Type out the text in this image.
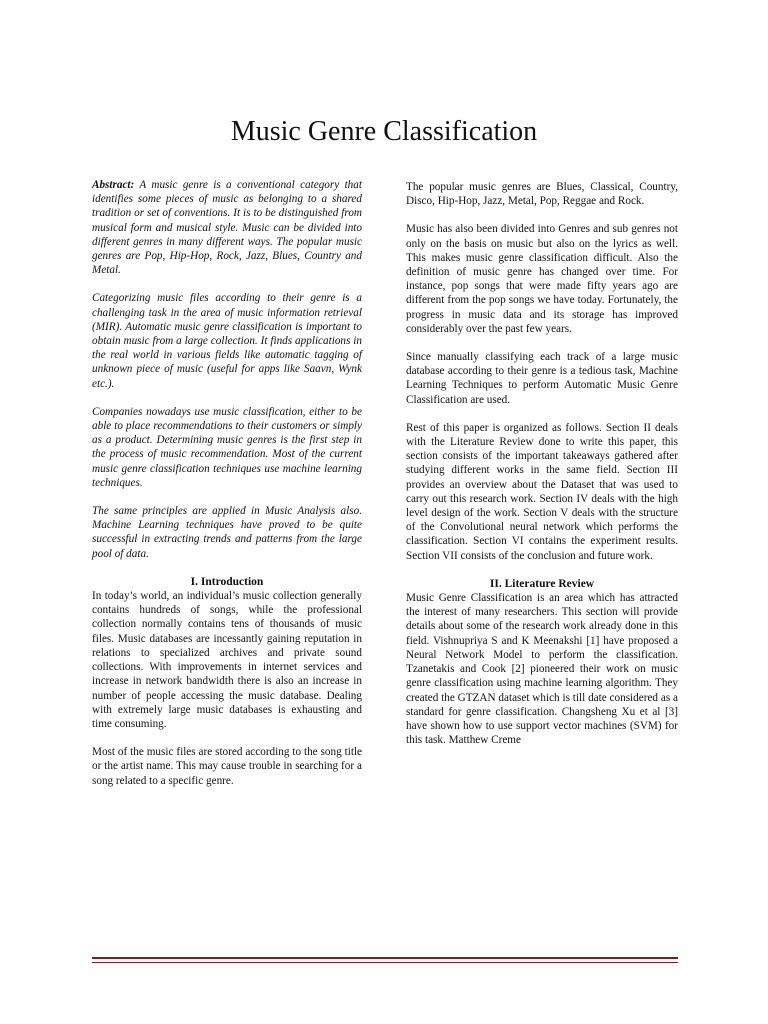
Music Genre Classification

Abstract: A music genre is a conventional category that identifies some pieces of music as belonging to a shared tradition or set of conventions. It is to be distinguished from musical form and musical style. Music can be divided into different genres in many different ways. The popular music genres are Pop, Hip-Hop, Rock, Jazz, Blues, Country and Metal.

Categorizing music files according to their genre is a challenging task in the area of music information retrieval (MIR). Automatic music genre classification is important to obtain music from a large collection. It finds applications in the real world in various fields like automatic tagging of unknown piece of music (useful for apps like Saavn, Wynk etc.).

Companies nowadays use music classification, either to be able to place recommendations to their customers or simply as a product. Determining music genres is the first step in the process of music recommendation. Most of the current music genre classification techniques use machine learning techniques.

The same principles are applied in Music Analysis also. Machine Learning techniques have proved to be quite successful in extracting trends and patterns from the large pool of data.

I. Introduction

In today’s world, an individual’s music collection generally contains hundreds of songs, while the professional collection normally contains tens of thousands of music files. Music databases are incessantly gaining reputation in relations to specialized archives and private sound collections. With improvements in internet services and increase in network bandwidth there is also an increase in number of people accessing the music database. Dealing with extremely large music databases is exhausting and time consuming.

Most of the music files are stored according to the song title or the artist name. This may cause trouble in searching for a song related to a specific genre.

The popular music genres are Blues, Classical, Country, Disco, Hip-Hop, Jazz, Metal, Pop, Reggae and Rock.

Music has also been divided into Genres and sub genres not only on the basis on music but also on the lyrics as well. This makes music genre classification difficult. Also the definition of music genre has changed over time. For instance, pop songs that were made fifty years ago are different from the pop songs we have today. Fortunately, the progress in music data and its storage has improved considerably over the past few years.

Since manually classifying each track of a large music database according to their genre is a tedious task, Machine Learning Techniques to perform Automatic Music Genre Classification are used.

Rest of this paper is organized as follows. Section II deals with the Literature Review done to write this paper, this section consists of the important takeaways gathered after studying different works in the same field. Section III provides an overview about the Dataset that was used to carry out this research work. Section IV deals with the high level design of the work. Section V deals with the structure of the Convolutional neural network which performs the classification. Section VI contains the experiment results. Section VII consists of the conclusion and future work.

II. Literature Review

Music Genre Classification is an area which has attracted the interest of many researchers. This section will provide details about some of the research work already done in this field. Vishnupriya S and K Meenakshi [1] have proposed a Neural Network Model to perform the classification. Tzanetakis and Cook [2] pioneered their work on music genre classification using machine learning algorithm. They created the GTZAN dataset which is till date considered as a standard for genre classification. Changsheng Xu et al [3] have shown how to use support vector machines (SVM) for this task. Matthew Creme
